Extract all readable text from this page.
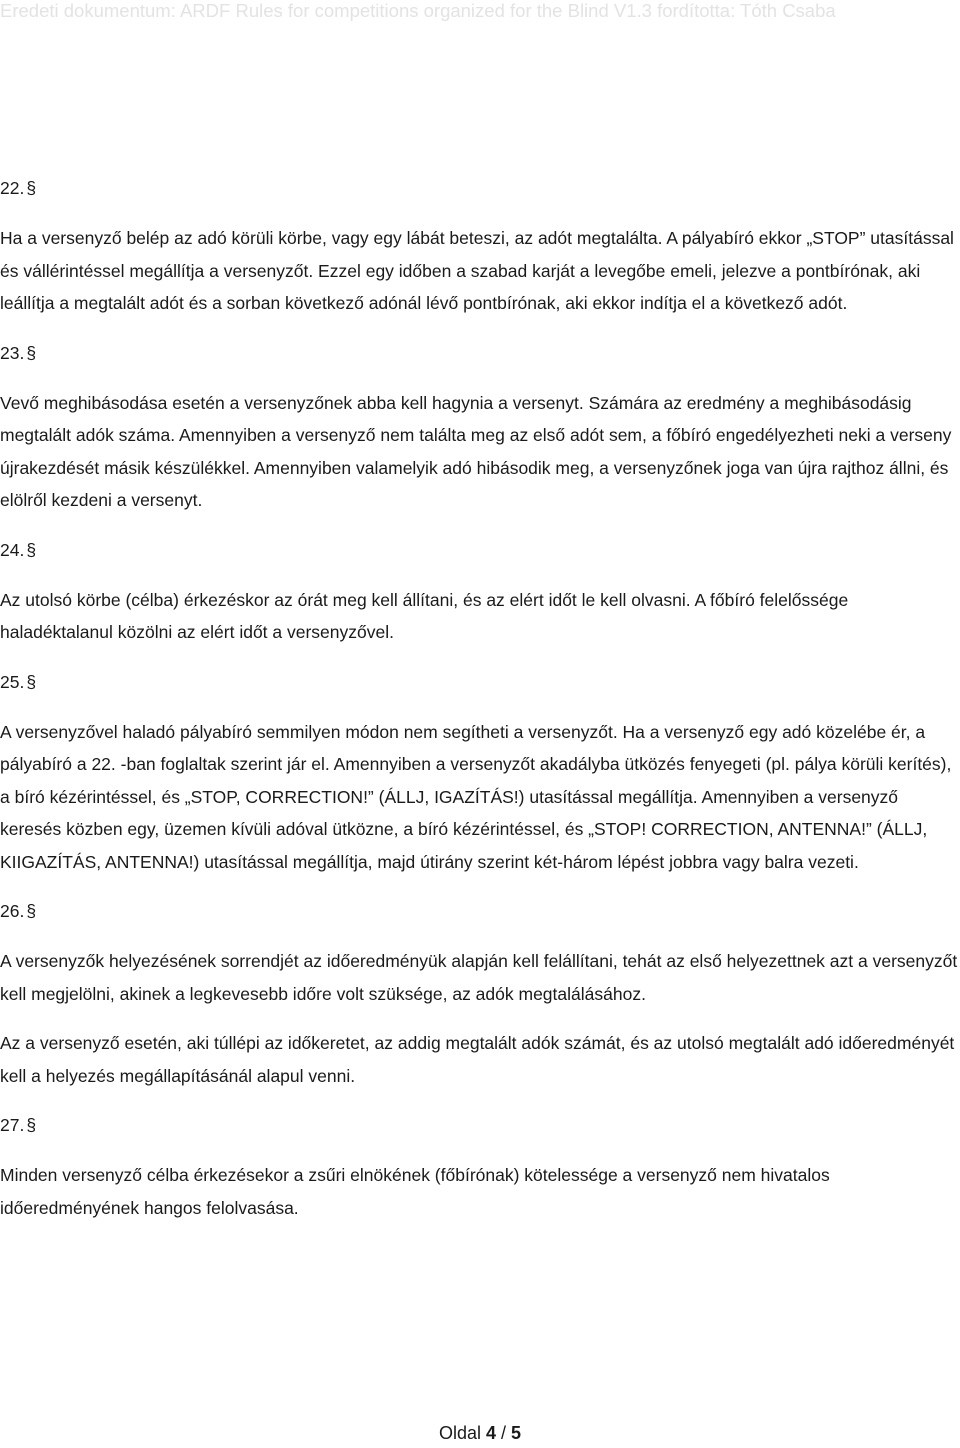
Eredeti dokumentum: ARDF Rules for competitions organized for the Blind V1.3 fordította: Tóth Csaba
22. §

Ha a versenyző belép az adó körüli körbe, vagy egy lábát beteszi, az adót megtalálta. A pályabíró ekkor „STOP” utasítással és vállérintéssel megállítja a versenyzőt. Ezzel egy időben a szabad karját a levegőbe emeli, jelezve a pontbírónak, aki leállítja a megtalált adót és a sorban következő adónál lévő pontbírónak, aki ekkor indítja el a következő adót.

23. §

Vevő meghibásodása esetén a versenyzőnek abba kell hagynia a versenyt. Számára az eredmény a meghibásodásig megtalált adók száma. Amennyiben a versenyző nem találta meg az első adót sem, a főbíró engedélyezheti neki a verseny újrakezdését másik készülékkel. Amennyiben valamelyik adó hibásodik meg, a versenyzőnek joga van újra rajthoz állni, és elölről kezdeni a versenyt.

24. §

Az utolsó körbe (célba) érkezéskor az órát meg kell állítani, és az elért időt le kell olvasni. A főbíró felelőssége haladéktalanul közölni az elért időt a versenyzővel.

25. §

A versenyzővel haladó pályabíró semmilyen módon nem segítheti a versenyzőt. Ha a versenyző egy adó közelébe ér, a pályabíró a 22. -ban foglaltak szerint jár el. Amennyiben a versenyzőt akadályba ütközés fenyegeti (pl. pálya körüli kerítés), a bíró kézérintéssel, és „STOP, CORRECTION!” (ÁLLJ, IGAZÍTÁS!) utasítással megállítja. Amennyiben a versenyző keresés közben egy, üzemen kívüli adóval ütközne, a bíró kézérintéssel, és „STOP! CORRECTION, ANTENNA!” (ÁLLJ, KIIGAZÍTÁS, ANTENNA!) utasítással megállítja, majd útirány szerint két-három lépést jobbra vagy balra vezeti.

26. §

A versenyzők helyezésének sorrendjét az időeredményük alapján kell felállítani, tehát az első helyezettnek azt a versenyzőt kell megjelölni, akinek a legkevesebb időre volt szüksége, az adók megtalálásához.

Az a versenyző esetén, aki túllépi az időkeretet, az addig megtalált adók számát, és az utolsó megtalált adó időeredményét kell a helyezés megállapításánál alapul venni.

27. §

Minden versenyző célba érkezésekor a zsűri elnökének (főbírónak) kötelessége a versenyző nem hivatalos időeredményének hangos felolvasása.

Oldal 4 / 5
